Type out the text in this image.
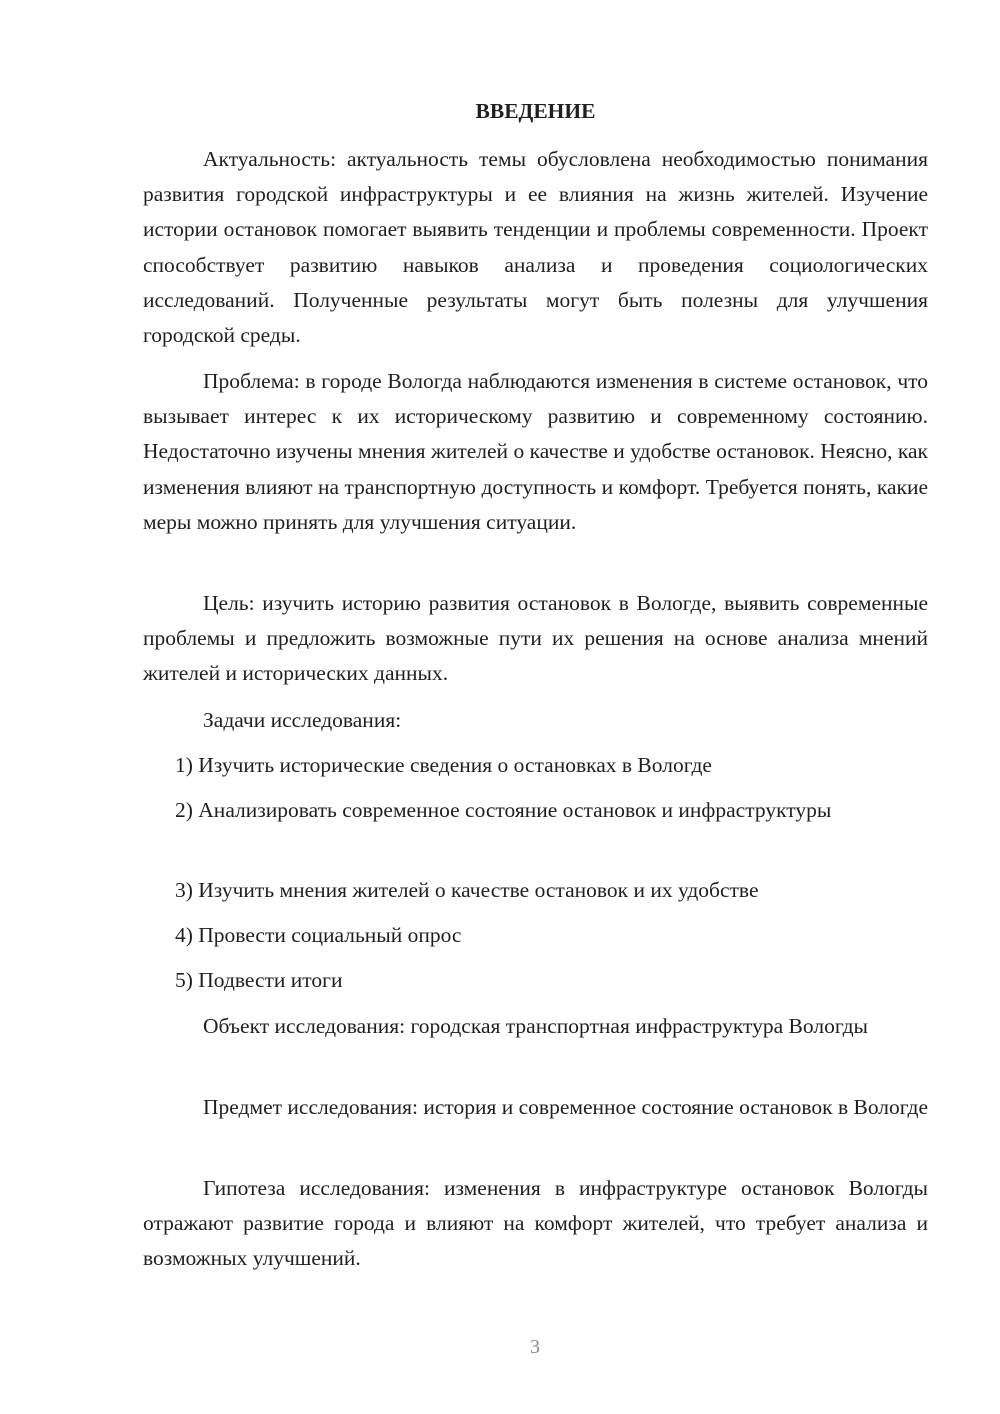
ВВЕДЕНИЕ

Актуальность: актуальность темы обусловлена необходимостью понимания развития городской инфраструктуры и ее влияния на жизнь жителей. Изучение истории остановок помогает выявить тенденции и проблемы современности. Проект способствует развитию навыков анализа и проведения социологических исследований. Полученные результаты могут быть полезны для улучшения городской среды.

Проблема: в городе Вологда наблюдаются изменения в системе остановок, что вызывает интерес к их историческому развитию и современному состоянию. Недостаточно изучены мнения жителей о качестве и удобстве остановок. Неясно, как изменения влияют на транспортную доступность и комфорт. Требуется понять, какие меры можно принять для улучшения ситуации.

Цель: изучить историю развития остановок в Вологде, выявить современные проблемы и предложить возможные пути их решения на основе анализа мнений жителей и исторических данных.

Задачи исследования:

1) Изучить исторические сведения о остановках в Вологде

2) Анализировать современное состояние остановок и инфраструктуры

3) Изучить мнения жителей о качестве остановок и их удобстве

4) Провести социальный опрос

5) Подвести итоги

Объект исследования: городская транспортная инфраструктура Вологды

Предмет исследования: история и современное состояние остановок в Вологде

Гипотеза исследования: изменения в инфраструктуре остановок Вологды отражают развитие города и влияют на комфорт жителей, что требует анализа и возможных улучшений.

3
